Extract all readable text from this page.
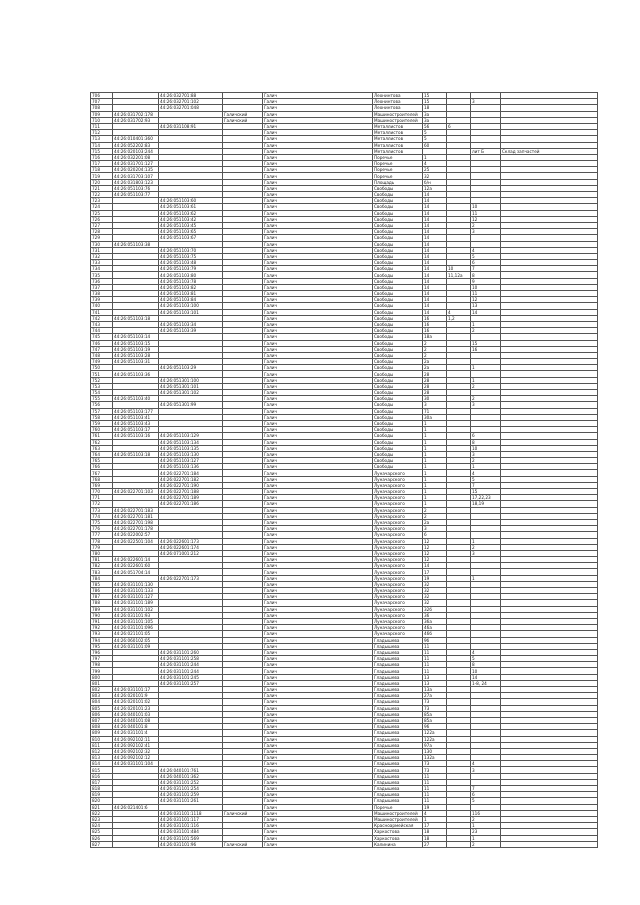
706		44:26:032701:88		Галич	Леонинтова	15			
707		44:26:032701:102		Галич	Леонинтова	15		3	
708		44:26:032701:048		Галич	Леонинтова	18			
709	44:26:031702:178		Галичский	Галич	Машиностроителей	3а			
710	44:26:031702:93		Галичский	Галич	Машиностроителей	3а			
711		44:26:031108:91		Галич	Металлистов	56	6		
712				Галич	Металлистов	5			
713	44:26:010401:360			Галич	Металлистов	5			
714	44:26:052202:83			Галич	Металлистов	60			
715	44:26:020103:244			Галич	Металлистов			лит Б	Склад запчастей
716	44:26:032201:08			Галич	Поречье	1			
717	44:26:031701:127			Галич	Поречье	4			
718	44:26:020204:135			Галич	Поречье	25			
719	44:26:031703:107			Галич	Поречье	32			
720	44:26:031803:123			Галич	Площадь	б/н			
721	44:26:051103:76			Галич	Свободы	12а			
722	44:26:051103:77			Галич	Свободы	14			
723		44:26:051103:60		Галич	Свободы	14			
724		44:26:051103:61		Галич	Свободы	14		10	
725		44:26:051103:62		Галич	Свободы	14		11	
726		44:26:051103:42		Галич	Свободы	14		12	
727		44:26:051103:45		Галич	Свободы	14		2	
728		44:26:051103:65		Галич	Свободы	14		3	
729		44:26:051103:67		Галич	Свободы	14			
730	44:26:051103:38			Галич	Свободы	14			
731		44:26:051103:70		Галич	Свободы	14		4	
732		44:26:051103:75		Галич	Свободы	14		5	
733		44:26:051103:48		Галич	Свободы	14		6	
734		44:26:051103:79		Галич	Свободы	14	10	7	
735		44:26:051103:80		Галич	Свободы	14	11,12а	8	
736		44:26:051103:78		Галич	Свободы	14		9	
737		44:26:051103:82		Галич	Свободы	14		10	
738		44:26:051103:81		Галич	Свободы	14		11	
739		44:26:051103:84		Галич	Свободы	14		12	
740		44:26:051103:100		Галич	Свободы	14		13	
741		44:26:051103:101		Галич	Свободы	14	4	14	
742	44:26:051103:18			Галич	Свободы	16	1,2		
743		44:26:051103:34		Галич	Свободы	16		1	
744		44:26:051103:39		Галич	Свободы	16		2	
745	44:26:051103:14			Галич	Свободы	18а			
746	44:26:051103:15			Галич	Свободы	2		15	
747	44:26:051103:19			Галич	Свободы	2		16	
748	44:26:051103:28			Галич	Свободы	2			
749	44:26:051103:31			Галич	Свободы	2а			
750		44:26:051103:29		Галич	Свободы	2а		1	
751	44:26:051103:36			Галич	Свободы	28			
752		44:26:051301:100		Галич	Свободы	28		1	
753		44:26:051301:101		Галич	Свободы	28		2	
754		44:26:051301:102		Галич	Свободы	28			
755	44:26:051103:40			Галич	Свободы	30		2	
756		44:26:051301:99		Галич	Свободы	3		3	
757	44:26:051103:177			Галич	Свободы	71			
758	44:26:051103:41			Галич	Свободы	30а			
759	44:26:051103:43			Галич	Свободы	1			
760	44:26:051103:17			Галич	Свободы	1			
761	44:26:051103:16	44:26:051103:129		Галич	Свободы	1		6	
762		44:26:051103:134		Галич	Свободы	1		8	
763		44:26:051103:135		Галич	Свободы	1		10	
764	44:26:051103:18	44:26:051103:130		Галич	Свободы	1		3	
765		44:26:051103:127		Галич	Свободы	1		2	
766		44:26:051103:136		Галич	Свободы	1		1	
767		44:26:022701:184		Галич	Луначарского	1		4	
768		44:26:022701:182		Галич	Луначарского	1		5	
769		44:26:022701:190		Галич	Луначарского	1		7	
770	44:26:022701:103	44:26:022701:188		Галич	Луначарского	1		15	
771		44:26:022701:189		Галич	Луначарского	1		17,22,23	
772		44:26:022701:186		Галич	Луначарского	1		18,19	
773	44:26:022701:183			Галич	Луначарского	2			
774	44:26:022701:181			Галич	Луначарского	2			
775	44:26:022701:198			Галич	Луначарского	2а			
776	44:26:022701:178			Галич	Луначарского	3			
777	44:26:022002:57			Галич	Луначарского	6			
778	44:26:022501:104	44:26:022601:173		Галич	Луначарского	12		1	
779		44:26:022601:174		Галич	Луначарского	12		2	
780		44:26:071001:212		Галич	Луначарского	12		3	
781	44:26:022601:14			Галич	Луначарского	12			
782	44:26:022601:60			Галич	Луначарского	14			
783	44:26:051704:14			Галич	Луначарского	17			
784		44:26:022701:173		Галич	Луначарского	19		1	
785	44:26:031101:130			Галич	Луначарского	32			
786	44:26:031101:133			Галич	Луначарского	32			
787	44:26:031101:127			Галич	Луначарского	32			
788	44:26:031101:189			Галич	Луначарского	32			
789	44:26:031101:102			Галич	Луначарского	32б			
790	44:26:031101:93			Галич	Луначарского	36			
791	44:26:031101:105			Галич	Луначарского	36а			
792	44:26:031101:096			Галич	Луначарского	46а			
793	44:26:021101:05			Галич	Луначарского	46б			
794	44:26:060102:05			Галич	Гладышева	9б			
795	44:26:031101:09			Галич	Гладышева	11			
796		44:26:031101:260		Галич	Гладышева	11		4	
797		44:26:031101:258		Галич	Гладышева	11		5	
798		44:26:031101:244		Галич	Гладышева	11		8	
799		44:26:031101:244		Галич	Гладышева	11		10	
800		44:26:031101:245		Галич	Гладышева	13		14	
801		44:26:031101:257		Галич	Гладышева	13		1-8, 24	
802	44:26:031101:17			Галич	Гладышева	13а			
803	44:26:020101:9			Галич	Гладышева	27а			
804	44:26:020101:02			Галич	Гладышева	73			
805	44:26:020101:23			Галич	Гладышева	73			
806	44:26:040101:03			Галич	Гладышева	85а			
807	44:26:040101:08			Галич	Гладышева	85а			
808	44:26:040101:8			Галич	Гладышева	96			
809	44:26:031101:4			Галич	Гладышева	122а			
810	44:26:092102:11			Галич	Гладышева	122а			
811	44:26:092102:41			Галич	Гладышева	97а			
812	44:26:092102:32			Галич	Гладышева	130			
813	44:26:092102:12			Галич	Гладышева	132а			
814	44:26:031101:104			Галич	Гладышева	73		4	
815		44:26:040101:761		Галич	Гладышева	73		3	
816		44:26:040101:362		Галич	Гладышева	11			
817		44:26:031101:252		Галич	Гладышева	11			
818		44:26:031101:254		Галич	Гладышева	11		7	
819		44:26:031101:259		Галич	Гладышева	11		6	
820		44:26:031101:261		Галич	Гладышева	11		5	
821	44:26:021401:6			Галич	Поречье	19			
822		44:26:031101:1118	Галичский	Галич	Машиностроителей	4		116	
823		44:26:031101:117		Галич	Машиностроителей	1		2	
824		44:26:031101:116		Галич	Красноармейская	17		1	
825		44:26:031101:484		Галич	Харкостова	18		23	
826		44:26:031101:569		Галич	Харкостова	18		1	
827		44:26:031101:96	Галичский	Галич	Калинина	27		2	
